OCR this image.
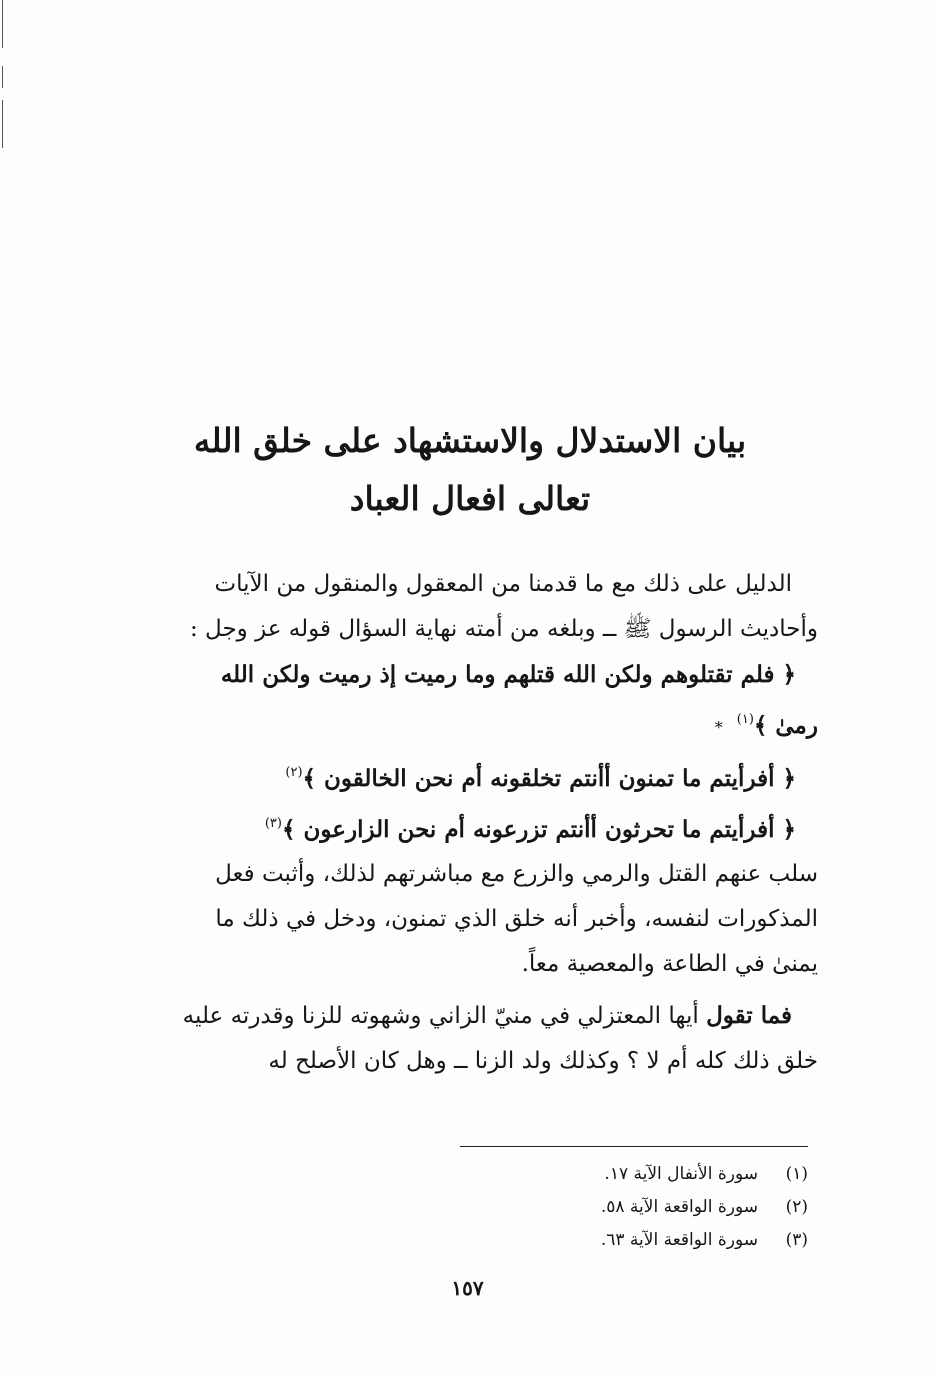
بيان الاستدلال والاستشهاد على خلق الله
تعالى افعال العباد
الدليل على ذلك مع ما قدمنا من المعقول والمنقول من الآيات
وأحاديث الرسول ﷺ ــ وبلغه من أمته نهاية السؤال قوله عز وجل :
﴿ فلم تقتلوهم ولكن الله قتلهم وما رميت إذ رميت ولكن الله
رمىٰ ﴾$^{(١)}$ *
﴿ أفرأيتم ما تمنون أأنتم تخلقونه أم نحن الخالقون ﴾$^{(٢)}$
﴿ أفرأيتم ما تحرثون أأنتم تزرعونه أم نحن الزارعون ﴾$^{(٣)}$
سلب عنهم القتل والرمي والزرع مع مباشرتهم لذلك، وأثبت فعل
المذكورات لنفسه، وأخبر أنه خلق الذي تمنون، ودخل في ذلك ما
يمنىٰ في الطاعة والمعصية معاً.
فما تقول أيها المعتزلي في منيّ الزاني وشهوته للزنا وقدرته عليه
خلق ذلك كله أم لا ؟ وكذلك ولد الزنا ــ وهل كان الأصلح له
(١)
سورة الأنفال الآية ١٧.
(٢)
سورة الواقعة الآية ٥٨.
(٣)
سورة الواقعة الآية ٦٣.
١٥٧
